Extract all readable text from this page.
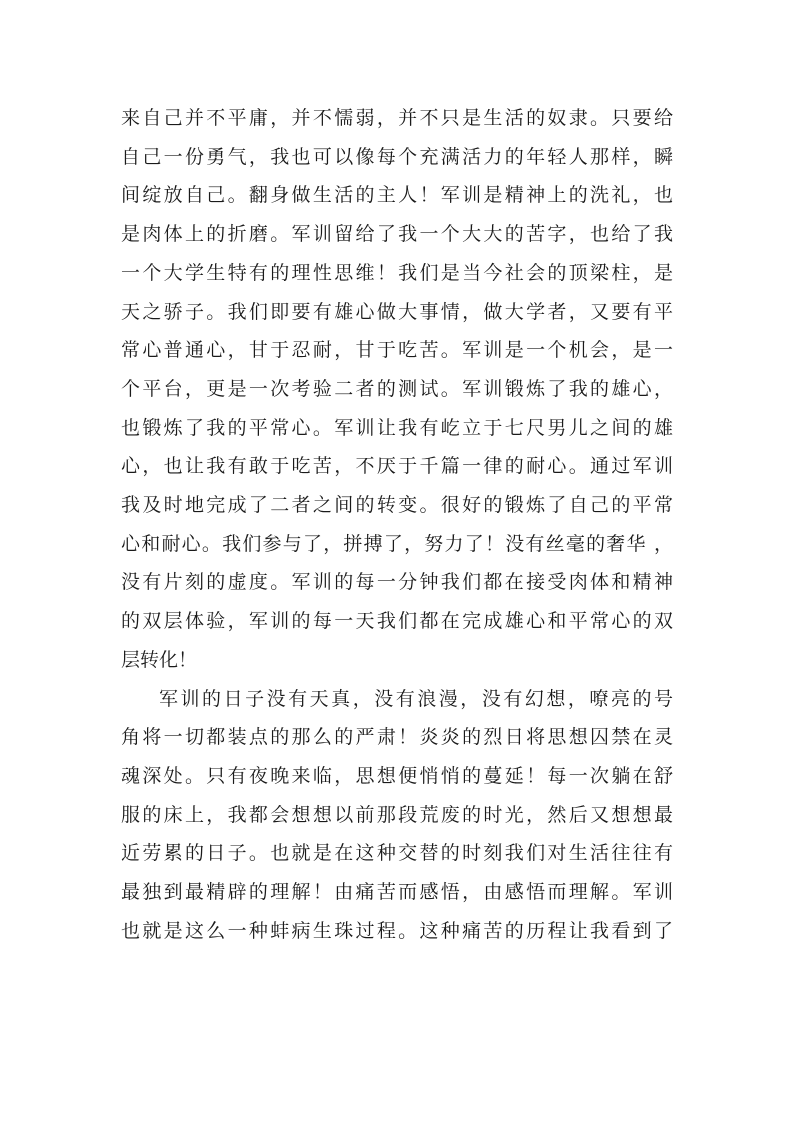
来自己并不平庸，并不懦弱，并不只是生活的奴隶。只要给
自己一份勇气，我也可以像每个充满活力的年轻人那样，瞬
间绽放自己。翻身做生活的主人！军训是精神上的洗礼，也
是肉体上的折磨。军训留给了我一个大大的苦字，也给了我
一个大学生特有的理性思维！我们是当今社会的顶梁柱，是
天之骄子。我们即要有雄心做大事情，做大学者，又要有平
常心普通心，甘于忍耐，甘于吃苦。军训是一个机会，是一
个平台，更是一次考验二者的测试。军训锻炼了我的雄心，
也锻炼了我的平常心。军训让我有屹立于七尺男儿之间的雄
心，也让我有敢于吃苦，不厌于千篇一律的耐心。通过军训
我及时地完成了二者之间的转变。很好的锻炼了自己的平常
心和耐心。我们参与了，拼搏了，努力了！没有丝毫的奢华 ，
没有片刻的虚度。军训的每一分钟我们都在接受肉体和精神
的双层体验，军训的每一天我们都在完成雄心和平常心的双
层转化！
军训的日子没有天真，没有浪漫，没有幻想，嘹亮的号
角将一切都装点的那么的严肃！炎炎的烈日将思想囚禁在灵
魂深处。只有夜晚来临，思想便悄悄的蔓延！每一次躺在舒
服的床上，我都会想想以前那段荒废的时光，然后又想想最
近劳累的日子。也就是在这种交替的时刻我们对生活往往有
最独到最精辟的理解！由痛苦而感悟，由感悟而理解。军训
也就是这么一种蚌病生珠过程。这种痛苦的历程让我看到了
